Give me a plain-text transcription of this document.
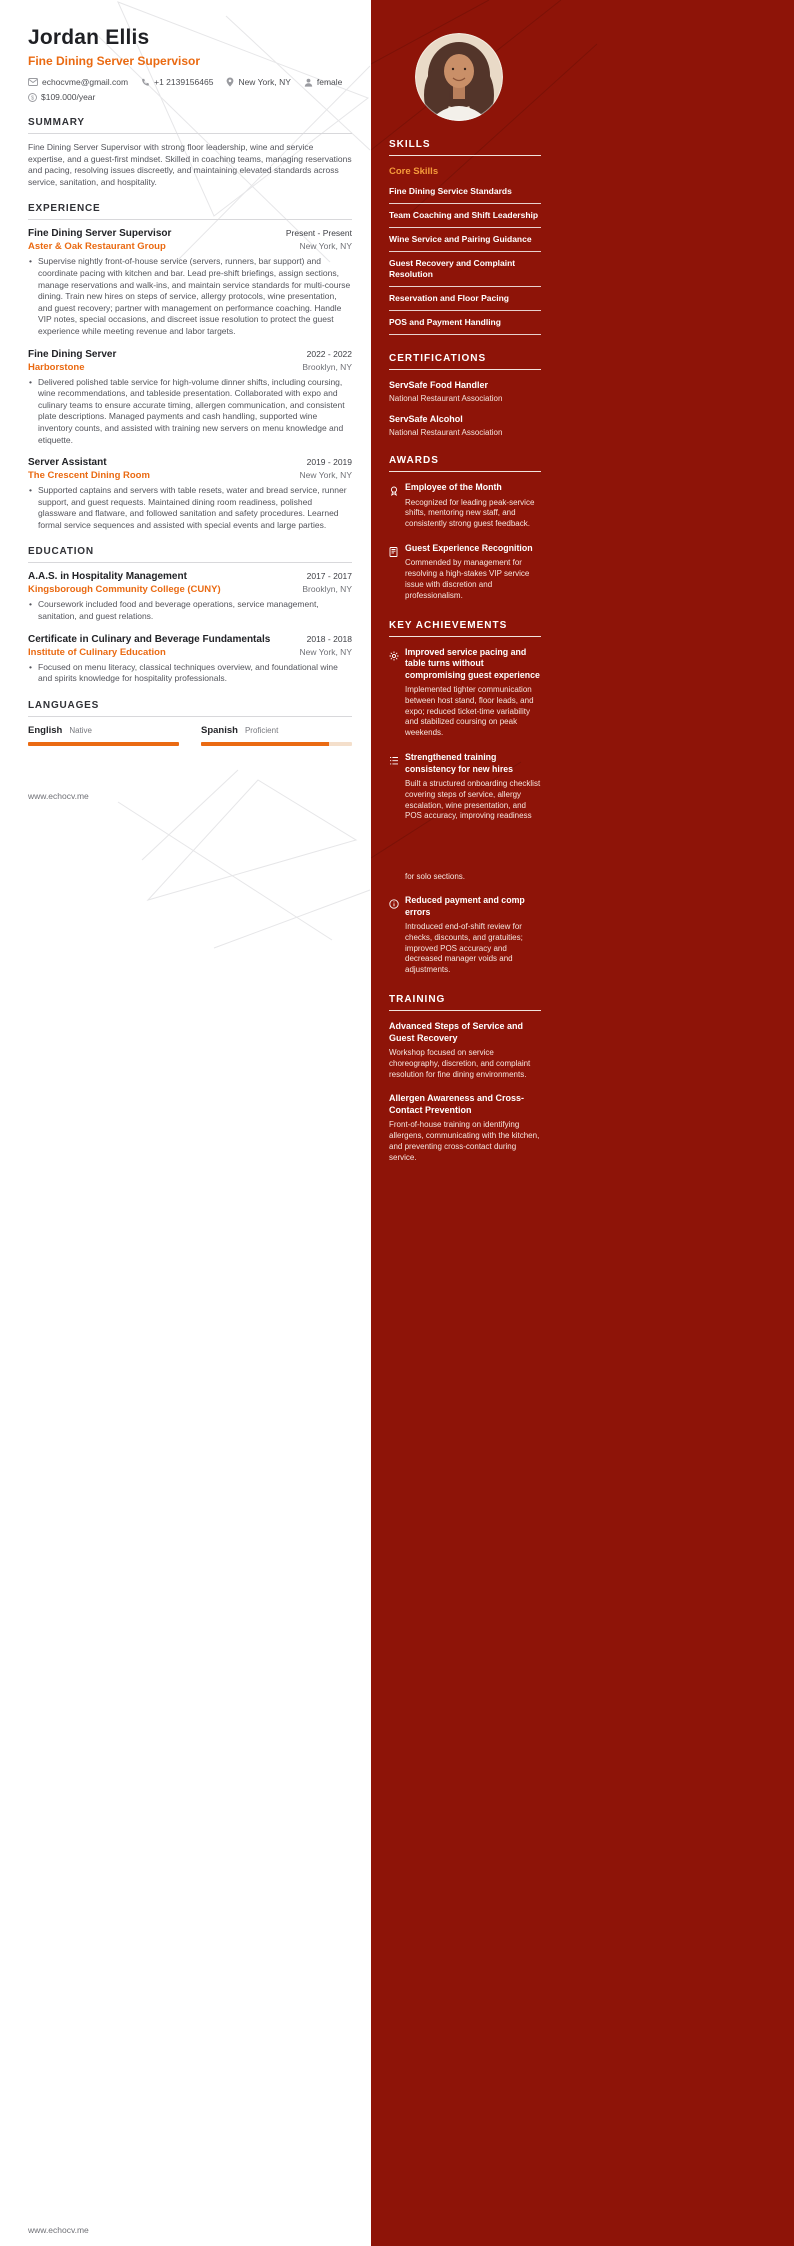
SKILLS
Core Skills
Fine Dining Service Standards
Team Coaching and Shift Leadership
Wine Service and Pairing Guidance
Guest Recovery and Complaint Resolution
Reservation and Floor Pacing
POS and Payment Handling
CERTIFICATIONS
ServSafe Food Handler
National Restaurant Association
ServSafe Alcohol
National Restaurant Association
AWARDS
Employee of the Month
Recognized for leading peak-service shifts, mentoring new staff, and consistently strong guest feedback.
Guest Experience Recognition
Commended by management for resolving a high-stakes VIP service issue with discretion and professionalism.
KEY ACHIEVEMENTS
Improved service pacing and table turns without compromising guest experience
Implemented tighter communication between host stand, floor leads, and expo; reduced ticket-time variability and stabilized coursing on peak weekends.
Strengthened training consistency for new hires
Built a structured onboarding checklist covering steps of service, allergy escalation, wine presentation, and POS accuracy, improving readiness
for solo sections.
Reduced payment and comp errors
Introduced end-of-shift review for checks, discounts, and gratuities; improved POS accuracy and decreased manager voids and adjustments.
TRAINING
Advanced Steps of Service and Guest Recovery
Workshop focused on service choreography, discretion, and complaint resolution for fine dining environments.
Allergen Awareness and Cross-Contact Prevention
Front-of-house training on identifying allergens, communicating with the kitchen, and preventing cross-contact during service.
Jordan Ellis
Fine Dining Server Supervisor
echocvme@gmail.com	+1 2139156465	New York, NY	female
$ $109.000/year
SUMMARY

Fine Dining Server Supervisor with strong floor leadership, wine and service expertise, and a guest-first mindset. Skilled in coaching teams, managing reservations and pacing, resolving issues discreetly, and maintaining elevated standards across service, sanitation, and hospitality.

EXPERIENCE
Fine Dining Server Supervisor	Present - Present
Aster & Oak Restaurant Group	New York, NY
• Supervise nightly front-of-house service (servers, runners, bar support) and coordinate pacing with kitchen and bar. Lead pre-shift briefings, assign sections, manage reservations and walk-ins, and maintain service standards for multi-course dining. Train new hires on steps of service, allergy protocols, wine presentation, and guest recovery; partner with management on performance coaching. Handle VIP notes, special occasions, and discreet issue resolution to protect the guest experience while meeting revenue and labor targets.
Fine Dining Server	2022 - 2022
Harborstone	Brooklyn, NY
• Delivered polished table service for high-volume dinner shifts, including coursing, wine recommendations, and tableside presentation. Collaborated with expo and culinary teams to ensure accurate timing, allergen communication, and consistent plate descriptions. Managed payments and cash handling, supported wine inventory counts, and assisted with training new servers on menu knowledge and etiquette.
Server Assistant	2019 - 2019
The Crescent Dining Room	New York, NY
• Supported captains and servers with table resets, water and bread service, runner support, and guest requests. Maintained dining room readiness, polished glassware and flatware, and followed sanitation and safety procedures. Learned formal service sequences and assisted with special events and large parties.
EDUCATION
A.A.S. in Hospitality Management	2017 - 2017
Kingsborough Community College (CUNY)	Brooklyn, NY
• Coursework included food and beverage operations, service management, sanitation, and guest relations.
Certificate in Culinary and Beverage Fundamentals	2018 - 2018
Institute of Culinary Education	New York, NY
• Focused on menu literacy, classical techniques overview, and foundational wine and spirits knowledge for hospitality professionals.
LANGUAGES
English Native	Spanish Proficient
www.echocv.me
www.echocv.me
